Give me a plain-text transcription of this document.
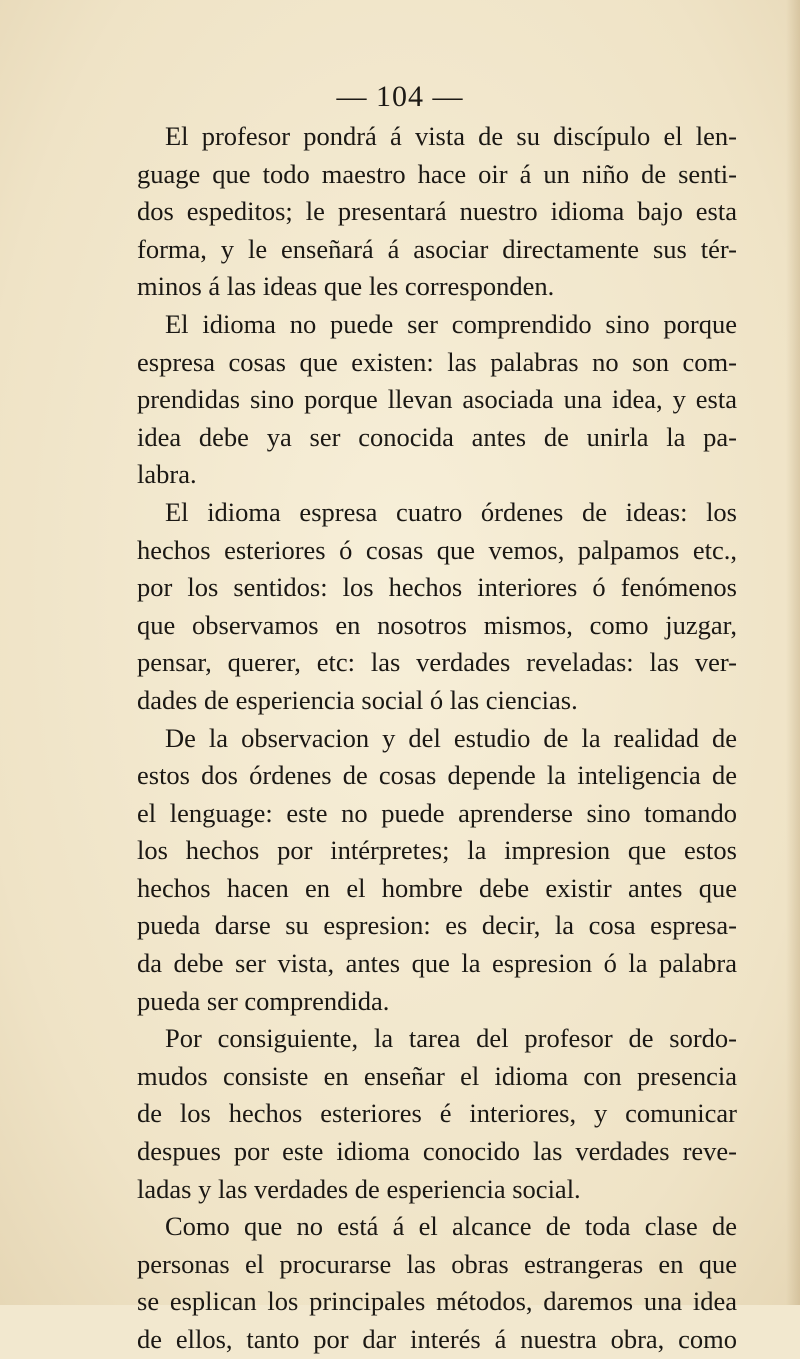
— 104 —
El profesor pondrá á vista de su discípulo el len-
guage que todo maestro hace oir á un niño de senti-
dos espeditos; le presentará nuestro idioma bajo esta
forma, y le enseñará á asociar directamente sus tér-
minos á las ideas que les corresponden.
El idioma no puede ser comprendido sino porque
espresa cosas que existen: las palabras no son com-
prendidas sino porque llevan asociada una idea, y esta
idea debe ya ser conocida antes de unirla la pa-
labra.
El idioma espresa cuatro órdenes de ideas: los
hechos esteriores ó cosas que vemos, palpamos etc.,
por los sentidos: los hechos interiores ó fenómenos
que observamos en nosotros mismos, como juzgar,
pensar, querer, etc: las verdades reveladas: las ver-
dades de esperiencia social ó las ciencias.
De la observacion y del estudio de la realidad de
estos dos órdenes de cosas depende la inteligencia de
el lenguage: este no puede aprenderse sino tomando
los hechos por intérpretes; la impresion que estos
hechos hacen en el hombre debe existir antes que
pueda darse su espresion: es decir, la cosa espresa-
da debe ser vista, antes que la espresion ó la palabra
pueda ser comprendida.
Por consiguiente, la tarea del profesor de sordo-
mudos consiste en enseñar el idioma con presencia
de los hechos esteriores é interiores, y comunicar
despues por este idioma conocido las verdades reve-
ladas y las verdades de esperiencia social.
Como que no está á el alcance de toda clase de
personas el procurarse las obras estrangeras en que
se esplican los principales métodos, daremos una idea
de ellos, tanto por dar interés á nuestra obra, como
